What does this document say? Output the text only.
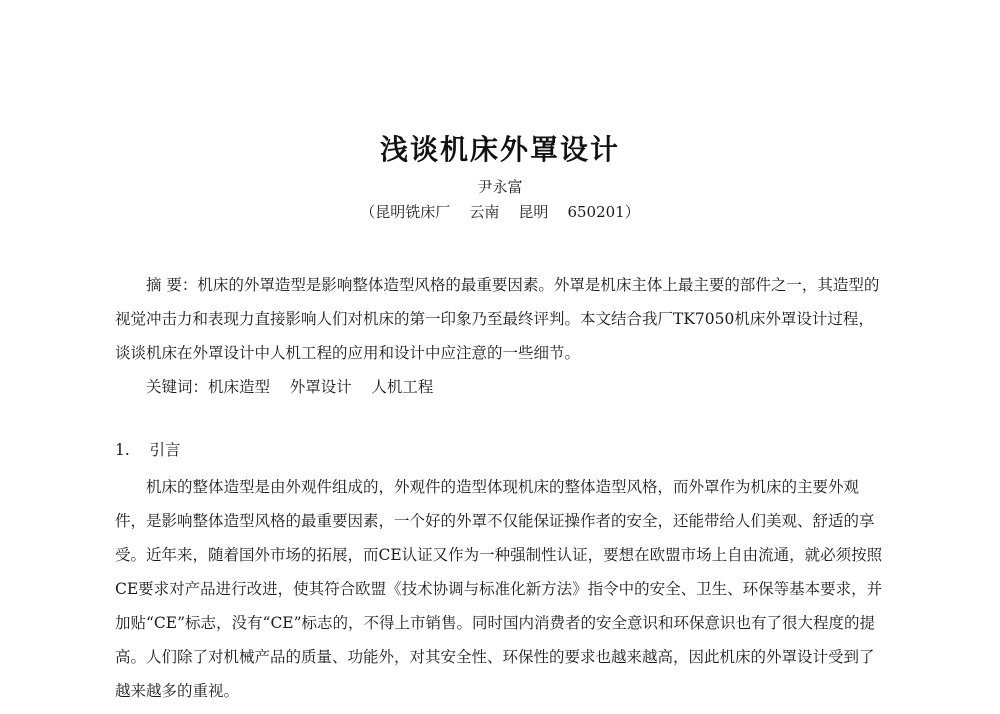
浅谈机床外罩设计
尹永富
（昆明铣床厂    云南    昆明    650201）

摘 要：机床的外罩造型是影响整体造型风格的最重要因素。外罩是机床主体上最主要的部件之一，其造型的视觉冲击力和表现力直接影响人们对机床的第一印象乃至最终评判。本文结合我厂TK7050机床外罩设计过程，谈谈机床在外罩设计中人机工程的应用和设计中应注意的一些细节。

关键词：机床造型    外罩设计    人机工程

1.    引言

机床的整体造型是由外观件组成的，外观件的造型体现机床的整体造型风格，而外罩作为机床的主要外观件，是影响整体造型风格的最重要因素，一个好的外罩不仅能保证操作者的安全，还能带给人们美观、舒适的享受。近年来，随着国外市场的拓展，而CE认证又作为一种强制性认证，要想在欧盟市场上自由流通，就必须按照CE要求对产品进行改进，使其符合欧盟《技术协调与标准化新方法》指令中的安全、卫生、环保等基本要求，并加贴“CE”标志，没有“CE”标志的，不得上市销售。同时国内消费者的安全意识和环保意识也有了很大程度的提高。人们除了对机械产品的质量、功能外，对其安全性、环保性的要求也越来越高，因此机床的外罩设计受到了越来越多的重视。
